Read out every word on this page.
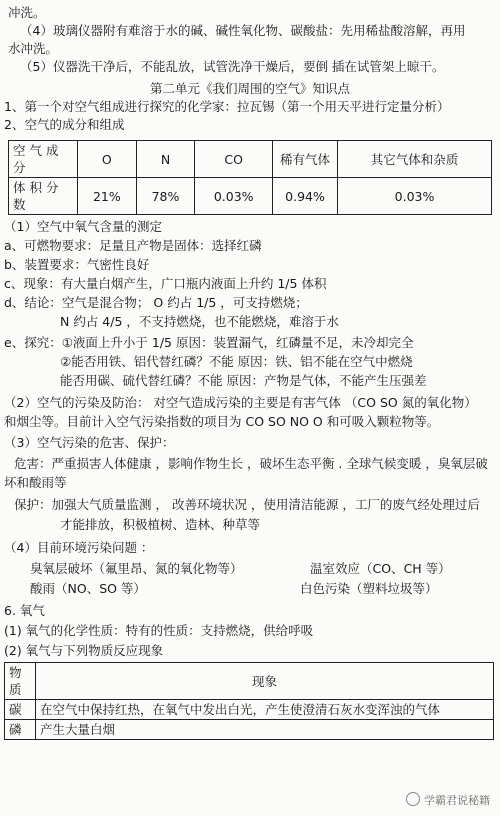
冲洗。
（4）玻璃仪器附有难溶于水的碱、碱性氧化物、碳酸盐：先用稀盐酸溶解，再用
水冲洗。
（5）仪器洗干净后，不能乱放，试管洗净干燥后，要倒 插在试管架上晾干。
第二单元《我们周围的空气》知识点
1、第一个对空气组成进行探究的化学家：拉瓦锡（第一个用天平进行定量分析）
2、空气的成分和组成
空 气 成 分	O	N	CO	稀有气体	其它气体和杂质
体 积 分 数	21%	78%	0.03%	0.94%	0.03%
（1）空气中氧气含量的测定
a、可燃物要求：足量且产物是固体：选择红磷
b、装置要求：气密性良好
c、现象：有大量白烟产生，广口瓶内液面上升约 1/5 体积
d、结论：空气是混合物； O 约占 1/5 ，可支持燃烧；
N 约占 4/5 ，不支持燃烧，也不能燃烧，难溶于水
e、探究：①液面上升小于 1/5 原因：装置漏气，红磷量不足，未冷却完全
②能否用铁、铝代替红磷？不能 原因：铁、铝不能在空气中燃烧
能否用碳、硫代替红磷？不能 原因：产物是气体，不能产生压强差
（2）空气的污染及防治： 对空气造成污染的主要是有害气体 （CO SO 氮的氧化物）
和烟尘等。目前计入空气污染指数的项目为 CO SO NO O 和可吸入颗粒物等。
（3）空气污染的危害、保护：
危害：严重损害人体健康 ，影响作物生长 ，破坏生态平衡 . 全球气候变暖 ，臭氧层破
坏和酸雨等
保护：加强大气质量监测 ， 改善环境状况 ，使用清洁能源 ，工厂的废气经处理过后
才能排放，积极植树、造林、种草等
（4）目前环境污染问题 ：
臭氧层破坏（氟里昂、氮的氧化物等）	温室效应（CO、CH 等）
酸雨（NO、SO 等）	白色污染（塑料垃圾等）
6. 氧气
(1) 氧气的化学性质：特有的性质：支持燃烧，供给呼吸
(2) 氧气与下列物质反应现象
物质	现象
碳	在空气中保持红热，在氧气中发出白光，产生使澄清石灰水变浑浊的气体
磷	产生大量白烟
学霸君说秘籍
